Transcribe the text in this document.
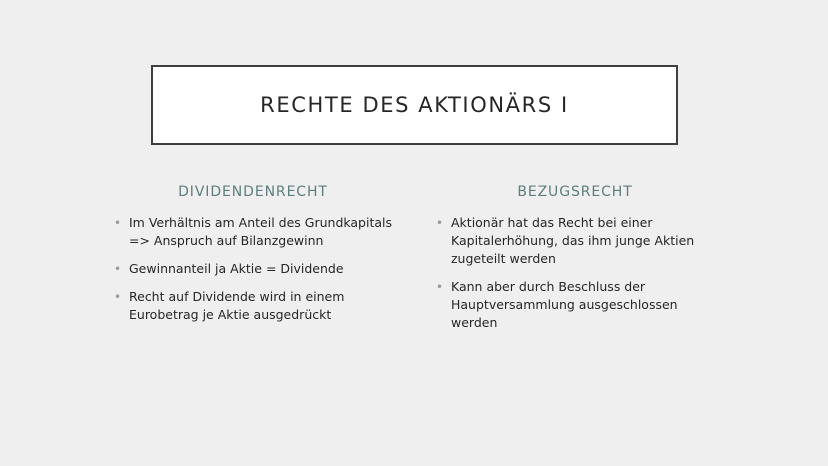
RECHTE DES AKTIONÄRS I
DIVIDENDENRECHT
• Im Verhältnis am Anteil des Grundkapitals => Anspruch auf Bilanzgewinn
• Gewinnanteil ja Aktie = Dividende
• Recht auf Dividende wird in einem Eurobetrag je Aktie ausgedrückt
BEZUGSRECHT
• Aktionär hat das Recht bei einer Kapitalerhöhung, das ihm junge Aktien zugeteilt werden
• Kann aber durch Beschluss der Hauptversammlung ausgeschlossen werden
